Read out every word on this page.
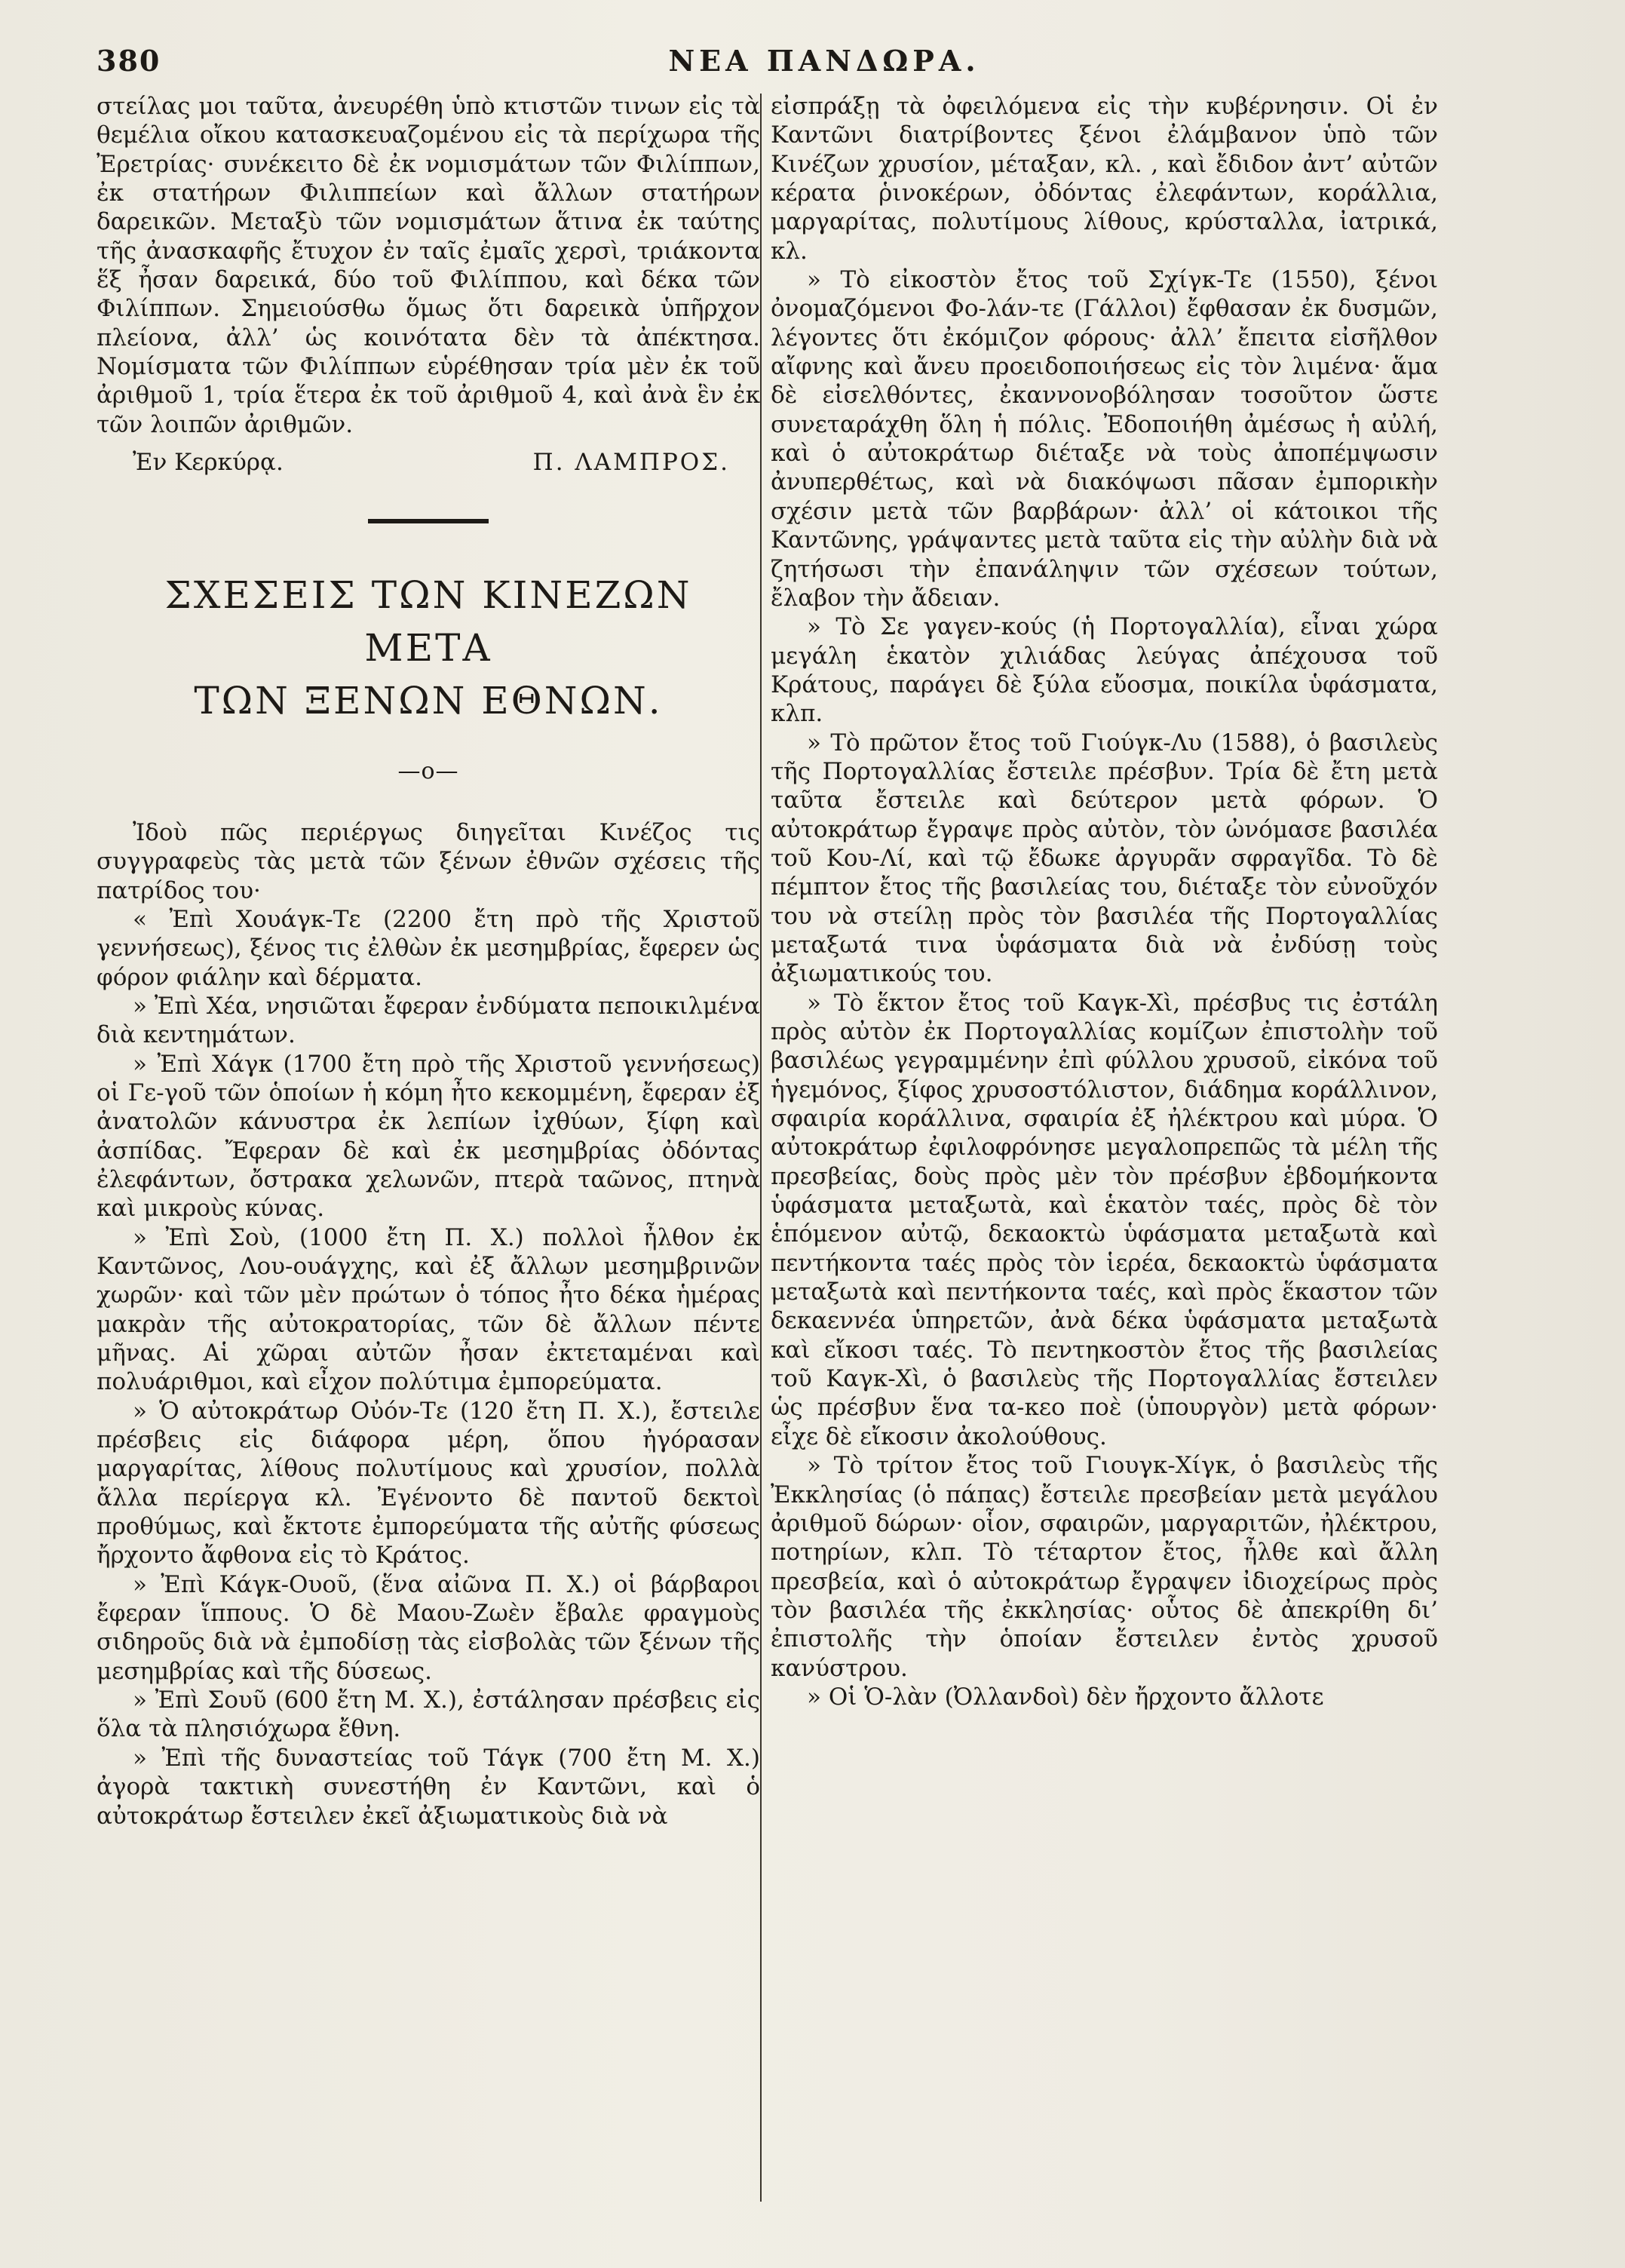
380	ΝΕΑ ΠΑΝΔΩΡΑ.

στείλας μοι ταῦτα, ἀνευρέθη ὑπὸ κτιστῶν τινων εἰς τὰ θεμέλια οἴκου κατασκευαζομένου εἰς τὰ περίχωρα τῆς Ἐρετρίας· συνέκειτο δὲ ἐκ νομισμάτων τῶν Φιλίππων, ἐκ στατήρων Φιλιππείων καὶ ἄλλων στατήρων δαρεικῶν. Μεταξὺ τῶν νομισμάτων ἅτινα ἐκ ταύτης τῆς ἀνασκαφῆς ἔτυχον ἐν ταῖς ἐμαῖς χερσὶ, τριάκοντα ἕξ ἦσαν δαρεικά, δύο τοῦ Φιλίππου, καὶ δέκα τῶν Φιλίππων. Σημειούσθω ὅμως ὅτι δαρεικὰ ὑπῆρχον πλείονα, ἀλλ’ ὡς κοινότατα δὲν τὰ ἀπέκτησα. Νομίσματα τῶν Φιλίππων εὑρέθησαν τρία μὲν ἐκ τοῦ ἀριθμοῦ 1, τρία ἕτερα ἐκ τοῦ ἀριθμοῦ 4, καὶ ἀνὰ ἓν ἐκ τῶν λοιπῶν ἀριθμῶν.

Ἐν Κερκύρᾳ.	Π. ΛΑΜΠΡΟΣ.
ΣΧΕΣΕΙΣ ΤΩΝ ΚΙΝΕΖΩΝ ΜΕΤΑ
ΤΩΝ ΞΕΝΩΝ ΕΘΝΩΝ.
—o—

Ἰδοὺ πῶς περιέργως διηγεῖται Κινέζος τις συγγραφεὺς τὰς μετὰ τῶν ξένων ἐθνῶν σχέσεις τῆς πατρίδος του·

« Ἐπὶ Χουάγκ-Τε (2200 ἔτη πρὸ τῆς Χριστοῦ γεννήσεως), ξένος τις ἐλθὼν ἐκ μεσημβρίας, ἔφερεν ὡς φόρον φιάλην καὶ δέρματα.

» Ἐπὶ Χέα, νησιῶται ἔφεραν ἐνδύματα πεποικιλμένα διὰ κεντημάτων.

» Ἐπὶ Χάγκ (1700 ἔτη πρὸ τῆς Χριστοῦ γεννήσεως) οἱ Γε-γοῦ τῶν ὁποίων ἡ κόμη ἦτο κεκομμένη, ἔφεραν ἐξ ἀνατολῶν κάνυστρα ἐκ λεπίων ἰχθύων, ξίφη καὶ ἀσπίδας. Ἔφεραν δὲ καὶ ἐκ μεσημβρίας ὀδόντας ἐλεφάντων, ὄστρακα χελωνῶν, πτερὰ ταῶνος, πτηνὰ καὶ μικροὺς κύνας.

» Ἐπὶ Σοὺ, (1000 ἔτη Π. Χ.) πολλοὶ ἦλθον ἐκ Καντῶνος, Λου-ουάγχης, καὶ ἐξ ἄλλων μεσημβρινῶν χωρῶν· καὶ τῶν μὲν πρώτων ὁ τόπος ἦτο δέκα ἡμέρας μακρὰν τῆς αὐτοκρατορίας, τῶν δὲ ἄλλων πέντε μῆνας. Αἱ χῶραι αὐτῶν ἦσαν ἐκτεταμέναι καὶ πολυάριθμοι, καὶ εἶχον πολύτιμα ἐμπορεύματα.

» Ὁ αὐτοκράτωρ Οὐόν-Τε (120 ἔτη Π. Χ.), ἔστειλε πρέσβεις εἰς διάφορα μέρη, ὅπου ἠγόρασαν μαργαρίτας, λίθους πολυτίμους καὶ χρυσίον, πολλὰ ἄλλα περίεργα κλ. Ἐγένοντο δὲ παντοῦ δεκτοὶ προθύμως, καὶ ἔκτοτε ἐμπορεύματα τῆς αὐτῆς φύσεως ἤρχοντο ἄφθονα εἰς τὸ Κράτος.

» Ἐπὶ Κάγκ-Ουοῦ, (ἕνα αἰῶνα Π. Χ.) οἱ βάρβαροι ἔφεραν ἵππους. Ὁ δὲ Μαου-Ζωὲν ἔβαλε φραγμοὺς σιδηροῦς διὰ νὰ ἐμποδίσῃ τὰς εἰσβολὰς τῶν ξένων τῆς μεσημβρίας καὶ τῆς δύσεως.

» Ἐπὶ Σουῦ (600 ἔτη Μ. Χ.), ἐστάλησαν πρέσβεις εἰς ὅλα τὰ πλησιόχωρα ἔθνη.

» Ἐπὶ τῆς δυναστείας τοῦ Τάγκ (700 ἔτη Μ. Χ.) ἀγορὰ τακτικὴ συνεστήθη ἐν Καντῶνι, καὶ ὁ αὐτοκράτωρ ἔστειλεν ἐκεῖ ἀξιωματικοὺς διὰ νὰ

εἰσπράξῃ τὰ ὀφειλόμενα εἰς τὴν κυβέρνησιν. Οἱ ἐν Καντῶνι διατρίβοντες ξένοι ἐλάμβανον ὑπὸ τῶν Κινέζων χρυσίον, μέταξαν, κλ. , καὶ ἔδιδον ἀντ’ αὐτῶν κέρατα ῥινοκέρων, ὀδόντας ἐλεφάντων, κοράλλια, μαργαρίτας, πολυτίμους λίθους, κρύσταλλα, ἰατρικά, κλ.

» Τὸ εἰκοστὸν ἔτος τοῦ Σχίγκ-Τε (1550), ξένοι ὀνομαζόμενοι Φο-λάν-τε (Γάλλοι) ἔφθασαν ἐκ δυσμῶν, λέγοντες ὅτι ἐκόμιζον φόρους· ἀλλ’ ἔπειτα εἰσῆλθον αἴφνης καὶ ἄνευ προειδοποιήσεως εἰς τὸν λιμένα· ἅμα δὲ εἰσελθόντες, ἐκαννονοβόλησαν τοσοῦτον ὥστε συνεταράχθη ὅλη ἡ πόλις. Ἐδοποιήθη ἀμέσως ἡ αὐλή, καὶ ὁ αὐτοκράτωρ διέταξε νὰ τοὺς ἀποπέμψωσιν ἀνυπερθέτως, καὶ νὰ διακόψωσι πᾶσαν ἐμπορικὴν σχέσιν μετὰ τῶν βαρβάρων· ἀλλ’ οἱ κάτοικοι τῆς Καντῶνης, γράψαντες μετὰ ταῦτα εἰς τὴν αὐλὴν διὰ νὰ ζητήσωσι τὴν ἐπανάληψιν τῶν σχέσεων τούτων, ἔλαβον τὴν ἄδειαν.

» Τὸ Σε γαγεν-κούς (ἡ Πορτογαλλία), εἶναι χώρα μεγάλη ἑκατὸν χιλιάδας λεύγας ἀπέχουσα τοῦ Κράτους, παράγει δὲ ξύλα εὔοσμα, ποικίλα ὑφάσματα, κλπ.

» Τὸ πρῶτον ἔτος τοῦ Γιούγκ-Λυ (1588), ὁ βασιλεὺς τῆς Πορτογαλλίας ἔστειλε πρέσβυν. Τρία δὲ ἔτη μετὰ ταῦτα ἔστειλε καὶ δεύτερον μετὰ φόρων. Ὁ αὐτοκράτωρ ἔγραψε πρὸς αὐτὸν, τὸν ὠνόμασε βασιλέα τοῦ Κου-Λί, καὶ τῷ ἔδωκε ἀργυρᾶν σφραγῖδα. Τὸ δὲ πέμπτον ἔτος τῆς βασιλείας του, διέταξε τὸν εὐνοῦχόν του νὰ στείλῃ πρὸς τὸν βασιλέα τῆς Πορτογαλλίας μεταξωτά τινα ὑφάσματα διὰ νὰ ἐνδύσῃ τοὺς ἀξιωματικούς του.

» Τὸ ἕκτον ἔτος τοῦ Καγκ-Χὶ, πρέσβυς τις ἐστάλη πρὸς αὐτὸν ἐκ Πορτογαλλίας κομίζων ἐπιστολὴν τοῦ βασιλέως γεγραμμένην ἐπὶ φύλλου χρυσοῦ, εἰκόνα τοῦ ἡγεμόνος, ξίφος χρυσοστόλιστον, διάδημα κοράλλινον, σφαιρία κοράλλινα, σφαιρία ἐξ ἠλέκτρου καὶ μύρα. Ὁ αὐτοκράτωρ ἐφιλοφρόνησε μεγαλοπρεπῶς τὰ μέλη τῆς πρεσβείας, δοὺς πρὸς μὲν τὸν πρέσβυν ἑβδομήκοντα ὑφάσματα μεταξωτὰ, καὶ ἑκατὸν ταές, πρὸς δὲ τὸν ἑπόμενον αὐτῷ, δεκαοκτὼ ὑφάσματα μεταξωτὰ καὶ πεντήκοντα ταές πρὸς τὸν ἱερέα, δεκαοκτὼ ὑφάσματα μεταξωτὰ καὶ πεντήκοντα ταές, καὶ πρὸς ἕκαστον τῶν δεκαεννέα ὑπηρετῶν, ἀνὰ δέκα ὑφάσματα μεταξωτὰ καὶ εἴκοσι ταές. Τὸ πεντηκοστὸν ἔτος τῆς βασιλείας τοῦ Καγκ-Χὶ, ὁ βασιλεὺς τῆς Πορτογαλλίας ἔστειλεν ὡς πρέσβυν ἕνα τα-κεο ποὲ (ὑπουργὸν) μετὰ φόρων· εἶχε δὲ εἴκοσιν ἀκολούθους.

» Τὸ τρίτον ἔτος τοῦ Γιουγκ-Χίγκ, ὁ βασιλεὺς τῆς Ἐκκλησίας (ὁ πάπας) ἔστειλε πρεσβείαν μετὰ μεγάλου ἀριθμοῦ δώρων· οἷον, σφαιρῶν, μαργαριτῶν, ἠλέκτρου, ποτηρίων, κλπ. Τὸ τέταρτον ἔτος, ἦλθε καὶ ἄλλη πρεσβεία, καὶ ὁ αὐτοκράτωρ ἔγραψεν ἰδιοχείρως πρὸς τὸν βασιλέα τῆς ἐκκλησίας· οὗτος δὲ ἀπεκρίθη δι’ ἐπιστολῆς τὴν ὁποίαν ἔστειλεν ἐντὸς χρυσοῦ κανύστρου.

» Οἱ Ὁ-λὰν (Ὀλλανδοὶ) δὲν ἤρχοντο ἄλλοτε
